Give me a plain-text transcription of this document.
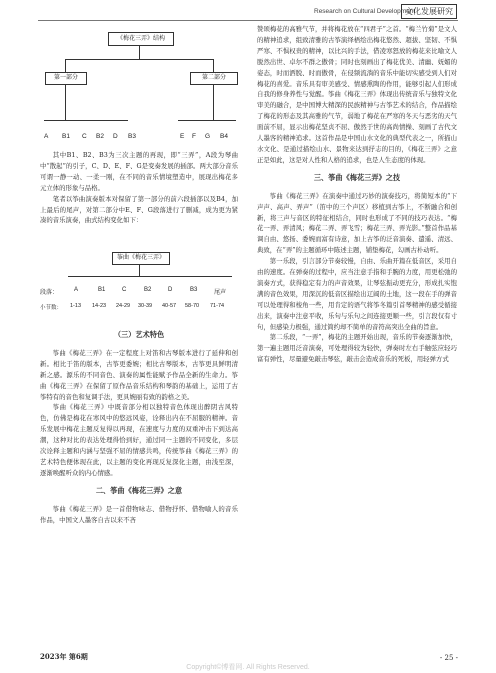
Research on Cultural Development
文化发展研究
《梅花三弄》结构
第一部分	第二部分
A B1 C B2 D B3	E F G B4

其中B1、B2、B3为三次主题的再现，即“三弄”，A段为琴曲中“散起”的引子，C、D、E、F、G是变奏发展的插部。两大部分音乐可谓一静一动、一柔一刚，在不同的音乐情境塑造中，展现出梅花多元立体的形象与品格。

笔者以筝曲演奏版本对保留了第一部分的前六段插部以及B4，加上最后的尾声，对第二部分中E、F、G段落进行了删减，成为更为紧凑的音乐演奏，曲式结构变化如下：

筝曲《梅花三弄》
段落：	A	B1	C	B2	D	B3	尾声
小节数： 1-13 14-23 24-29 30-39 40-57 58-70 71-74

（三）艺术特色

筝曲《梅花三弄》在一定程度上对笛和古琴版本进行了延伸和创新。相比于笛的版本，古筝更委婉；相比古琴版本，古筝更具鲜明清新之感。源乐的不同音色、演奏的属性能赋予作品全新的生命力。筝曲《梅花三弄》在保留了原作品音乐结构和琴韵的基础上，运用了古筝特有的音色和复调手法，更具婉丽有致的韵格之美。

筝曲《梅花三弄》中既音部分相以独特音色体现出醉阴古风特色，仿佛是梅花在寒风中的悠远风姿，诠释出内在不屈服的精神。音乐发展中梅花主题反复得以再现，在速度与力度的双重冲击下到达高潮，这种对比的表达处理得恰到好，通过同一主题的不同变化，多层次诠释主题和内涵与坚强不屈的情感共鸣，传统筝曲《梅花三弄》的艺术特色便体现在此，以主题的变化再现反复深化主题，由浅至深，逐渐唤醒听众的内心情感。

二、筝曲《梅花三弄》之意

筝曲《梅花三弄》是一首借物咏志、借物抒怀、借物喻人的音乐作品，中国文人墨客自古以来不吝

赞颂梅花的高雅气节，并将梅花放在“四君子”之首。“梅兰竹菊”是文人的精神追求，组致清雅的古筝演绎梧绘出梅花悠然、超拔、坚韧、不惧严寒、不惧权贵的精神，以比兴的手法，借凌寒怒放的梅花来比喻文人脱然出世、卓尔不群之傲骨；同时也刻画出了梅花优美、清幽、妩媚的姿态，时而洒脱、时而傲骨，在侵频流淌的音乐中能切实感受到人们对梅花的喜爱。音乐具有审美感受、情感熏陶的作用，能够引起人们形成自我的修身养性与觉醒。筝曲《梅花三弄》体现出传统音乐与独特文化审美的融合，是中国博大精深的民族精神与古筝艺术的结合，作品描绘了梅花的形态及其高雅的气节，弱地了梅花在严寒的冬天与恶劣的天气面前不屈，显示出梅花坚贞不屈、傲然于世的高尚情操、刻画了古代文人墨客的精神追求。这首作品是中国山水文化的典型代表之一，所描山水文化、是通过描绘山水、景物来达到抒志的目的，《梅花三弄》之意正是如此，这是对人性和人格的追求，也是人生态度的体现。

三、筝曲《梅花三弄》之技

筝曲《梅花三弄》在演奏中通过巧妙的演奏技巧，将简短本的“下声声、高声、弄声”（笛中的三个声区）移植到古筝上，不断融合和创新，将三声与音区的特征相结合，同时也形成了不同的技巧表达。“梅花一弄、弄清风；梅花二弄、弄飞雪；梅花三弄、弄光影。”整首作品基调自由、悠扬、委婉而富有诗意，加上古筝的泛音演奏、遣遥、清远、典致，在“弄”的主题循环中陈述主题，铺垫梅花，勾画古朴动听。

第一乐段，引言部分节奏较慢，自由、乐曲开篇在低音区，采用自由的速度。在弹奏的过程中，应当注意手指和手腕的力度，用更松弛的演奏方式，获得稳定有力的声音效果，让琴弦振动更充分，形成扎实饱满的音色效果，用深沉的低音区描绘出辽阔的土地，这一段在手的弹音可以处理得和梭角一些，用肯定的语气将筝冬篇引首琴精神的感受循接出来，演奏中注意平收，乐句与乐句之间连接更顺一些，引言段仅有寸句，但感染力极强，通过简约却不简单的音符高突出全曲的旨意。

第二乐段，“一弄”，梅花的主题开始出现，音乐的节奏逐渐加快，第一遍主题用泛音演奏，可处理得较为轻快，弹奏时左右手触弦应轻巧富有弹性，尽量避免敲击琴弦，敲击会造成音乐的死板，用轻弹方式

2023年 第6期	- 25 -
Copyright©博看网. All Rights Reserved.
